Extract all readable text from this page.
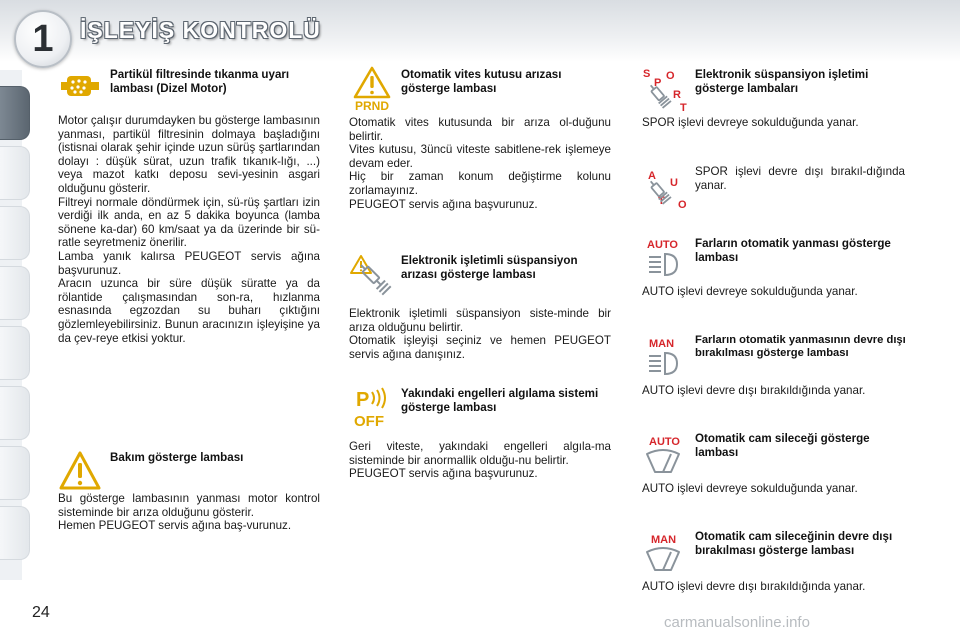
1 İŞLEYİŞ KONTROLÜ
Partikül filtresinde tıkanma uyarı lambası (Dizel Motor)

Motor çalışır durumdayken bu gösterge lambasının yanması, partikül filtresinin dolmaya başladığını (istisnai olarak şehir içinde uzun sürüş şartlarından dolayı : düşük sürat, uzun trafik tıkanık-lığı, ...) veya mazot katkı deposu sevi-yesinin asgari olduğunu gösterir.

Filtreyi normale döndürmek için, sü-rüş şartları izin verdiği ilk anda, en az 5 dakika boyunca (lamba sönene ka-dar) 60 km/saat ya da üzerinde bir sü-ratle seyretmeniz önerilir.

Lamba yanık kalırsa PEUGEOT servis ağına başvurunuz.

Aracın uzunca bir süre düşük süratte ya da rölantide çalışmasından son-ra, hızlanma esnasında egzozdan su buharı çıktığını gözlemleyebilirsiniz. Bunun aracınızın işleyişine ya da çev-reye etkisi yoktur.

Bakım gösterge lambası

Bu gösterge lambasının yanması motor kontrol sisteminde bir arıza olduğunu gösterir.

Hemen PEUGEOT servis ağına baş-vurunuz.

PRND
Otomatik vites kutusu arızası gösterge lambası

Otomatik vites kutusunda bir arıza ol-duğunu belirtir.

Vites kutusu, 3üncü viteste sabitlene-rek işlemeye devam eder.

Hiç bir zaman konum değiştirme kolunu zorlamayınız.

PEUGEOT servis ağına başvurunuz.

Elektronik işletimli süspansiyon arızası gösterge lambası

Elektronik işletimli süspansiyon siste-minde bir arıza olduğunu belirtir.

Otomatik işleyişi seçiniz ve hemen PEUGEOT servis ağına danışınız.

P
OFF
Yakındaki engelleri algılama sistemi gösterge lambası

Geri viteste, yakındaki engelleri algıla-ma sisteminde bir anormallik olduğu-nu belirtir.

PEUGEOT servis ağına başvurunuz.

S
P
O
R
T
Elektronik süspansiyon işletimi gösterge lambaları
SPOR işlevi devreye sokulduğunda yanar.
A
U
T O
SPOR işlevi devre dışı bırakıl-dığında yanar.
AUTO Farların otomatik yanması gösterge lambası
AUTO işlevi devreye sokulduğunda yanar.
MAN Farların otomatik yanmasının devre dışı bırakılması gösterge lambası
AUTO işlevi devre dışı bırakıldığında yanar.
AUTO Otomatik cam sileceği gösterge lambası
AUTO işlevi devreye sokulduğunda yanar.
MAN Otomatik cam sileceğinin devre dışı bırakılması gösterge lambası
AUTO işlevi devre dışı bırakıldığında yanar.
24
carmanualsonline.info
